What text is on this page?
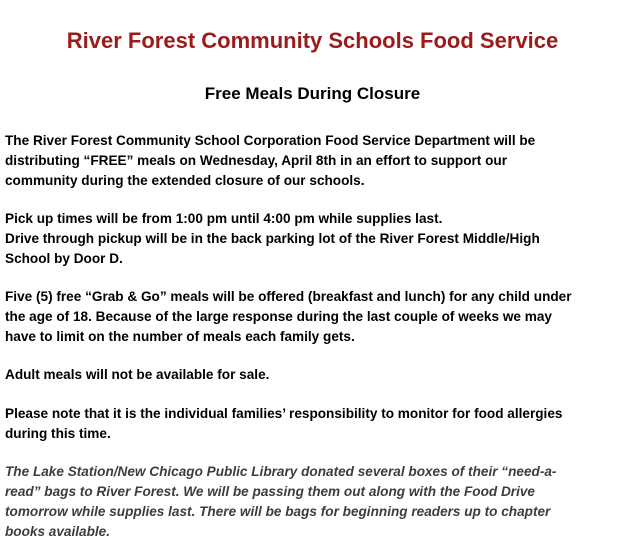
River Forest Community Schools Food Service
Free Meals During Closure

The River Forest Community School Corporation Food Service Department will be
distributing “FREE” meals on Wednesday, April 8th in an effort to support our
community during the extended closure of our schools.

Pick up times will be from 1:00 pm until 4:00 pm while supplies last.
Drive through pickup will be in the back parking lot of the River Forest Middle/High
School by Door D.

Five (5) free “Grab & Go” meals will be offered (breakfast and lunch) for any child under
the age of 18. Because of the large response during the last couple of weeks we may
have to limit on the number of meals each family gets.

Adult meals will not be available for sale.

Please note that it is the individual families’ responsibility to monitor for food allergies
during this time.

The Lake Station/New Chicago Public Library donated several boxes of their “need-a-
read” bags to River Forest. We will be passing them out along with the Food Drive
tomorrow while supplies last. There will be bags for beginning readers up to chapter
books available.
